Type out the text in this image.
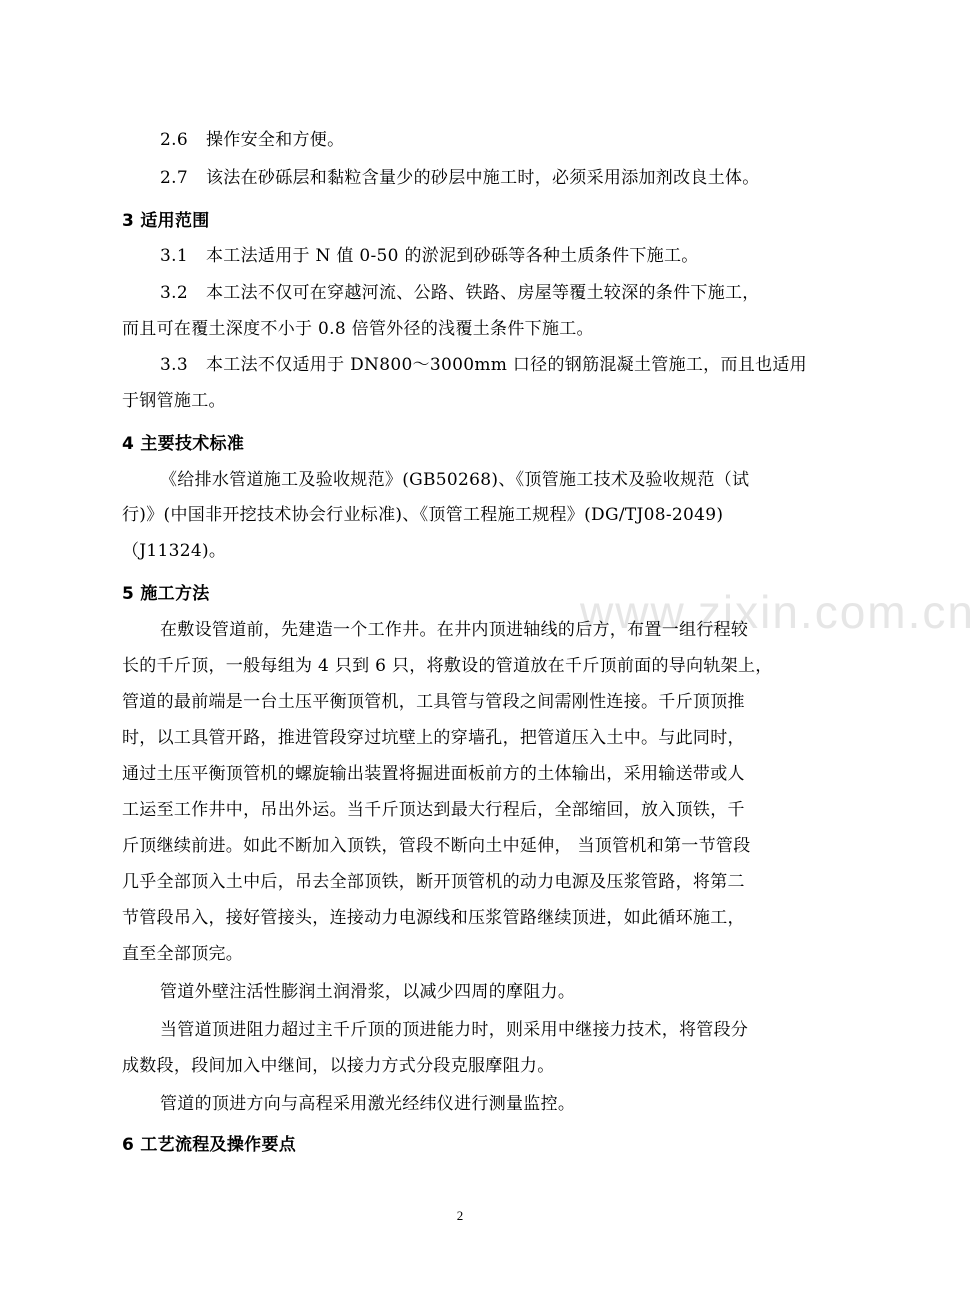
www.zixin.com.cn
2.6 操作安全和方便。
2.7 该法在砂砾层和黏粒含量少的砂层中施工时，必须采用添加剂改良土体。
3 适用范围
3.1 本工法适用于 N 值 0-50 的淤泥到砂砾等各种土质条件下施工。
3.2 本工法不仅可在穿越河流、公路、铁路、房屋等覆土较深的条件下施工，
而且可在覆土深度不小于 0.8 倍管外径的浅覆土条件下施工。
3.3 本工法不仅适用于 DN800～3000mm 口径的钢筋混凝土管施工，而且也适用
于钢管施工。
4 主要技术标准
《给排水管道施工及验收规范》(GB50268)、《顶管施工技术及验收规范（试
行)》(中国非开挖技术协会行业标准)、《顶管工程施工规程》(DG/TJ08-2049)
（J11324)。
5 施工方法
在敷设管道前，先建造一个工作井。在井内顶进轴线的后方，布置一组行程较
长的千斤顶，一般每组为 4 只到 6 只，将敷设的管道放在千斤顶前面的导向轨架上，
管道的最前端是一台土压平衡顶管机，工具管与管段之间需刚性连接。千斤顶顶推
时，以工具管开路，推进管段穿过坑壁上的穿墙孔，把管道压入土中。与此同时，
通过土压平衡顶管机的螺旋输出装置将掘进面板前方的土体输出，采用输送带或人
工运至工作井中，吊出外运。当千斤顶达到最大行程后，全部缩回，放入顶铁，千
斤顶继续前进。如此不断加入顶铁，管段不断向土中延伸， 当顶管机和第一节管段
几乎全部顶入土中后，吊去全部顶铁，断开顶管机的动力电源及压浆管路，将第二
节管段吊入，接好管接头，连接动力电源线和压浆管路继续顶进，如此循环施工，
直至全部顶完。
管道外壁注活性膨润土润滑浆，以减少四周的摩阻力。
当管道顶进阻力超过主千斤顶的顶进能力时，则采用中继接力技术，将管段分
成数段，段间加入中继间，以接力方式分段克服摩阻力。
管道的顶进方向与高程采用激光经纬仪进行测量监控。
6 工艺流程及操作要点
2
